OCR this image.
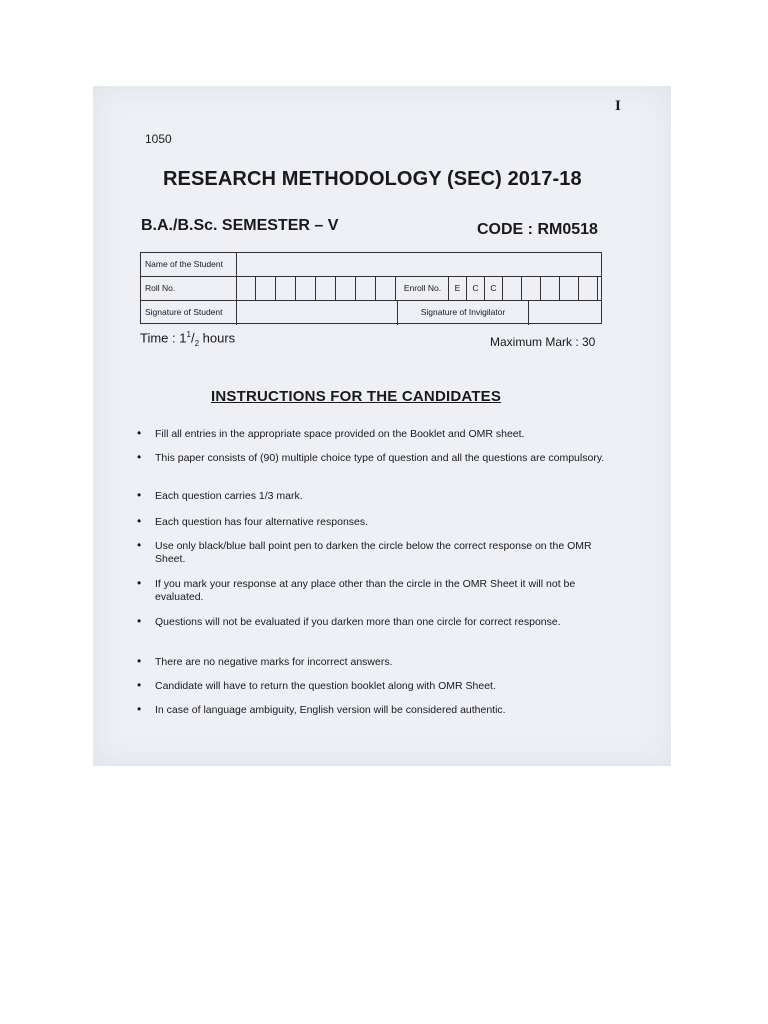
I
1050
RESEARCH METHODOLOGY (SEC) 2017-18
B.A./B.Sc. SEMESTER – V	CODE : RM0518
Name of the Student
Roll No.	Enroll No.	E	C	C
Signature of Student	Signature of Invigilator
Time : $1^1/_2$ hours	Maximum Mark : 30
INSTRUCTIONS FOR THE CANDIDATES
• Fill all entries in the appropriate space provided on the Booklet and OMR sheet.
• This paper consists of (90) multiple choice type of question and all the questions are compulsory.
• Each question carries 1/3 mark.
• Each question has four alternative responses.
• Use only black/blue ball point pen to darken the circle below the correct response on the OMR Sheet.
• If you mark your response at any place other than the circle in the OMR Sheet it will not be evaluated.
• Questions will not be evaluated if you darken more than one circle for correct response.
• There are no negative marks for incorrect answers.
• Candidate will have to return the question booklet along with OMR Sheet.
• In case of language ambiguity, English version will be considered authentic.
